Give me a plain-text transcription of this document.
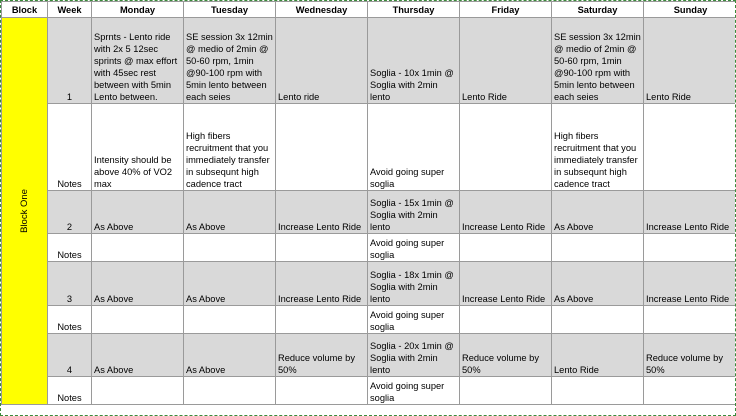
Block	Week	Monday	Tuesday	Wednesday	Thursday	Friday	Saturday	Sunday

Block One	1	Sprnts - Lento ride with 2x 5 12sec sprints @ max effort with 45sec rest between with 5min Lento between.	SE session 3x 12min @ medio of 2min @ 50-60 rpm, 1min @90-100 rpm with 5min lento between each seies	Lento ride	Soglia - 10x 1min @ Soglia with 2min lento	Lento Ride	SE session 3x 12min @ medio of 2min @ 50-60 rpm, 1min @90-100 rpm with 5min lento between each seies	Lento Ride
	Notes	Intensity should be above 40% of VO2 max	High fibers recruitment that you immediately transfer in subsequnt high cadence tract		Avoid going super soglia		High fibers recruitment that you immediately transfer in subsequnt high cadence tract	
	2	As Above	As Above	Increase Lento Ride	Soglia - 15x 1min @ Soglia with 2min lento	Increase Lento Ride	As Above	Increase Lento Ride
	Notes				Avoid going super soglia			
	3	As Above	As Above	Increase Lento Ride	Soglia - 18x 1min @ Soglia with 2min lento	Increase Lento Ride	As Above	Increase Lento Ride
	Notes				Avoid going super soglia			
	4	As Above	As Above	Reduce volume by 50%	Soglia - 20x 1min @ Soglia with 2min lento	Reduce volume by 50%	Lento Ride	Reduce volume by 50%
	Notes				Avoid going super soglia			
